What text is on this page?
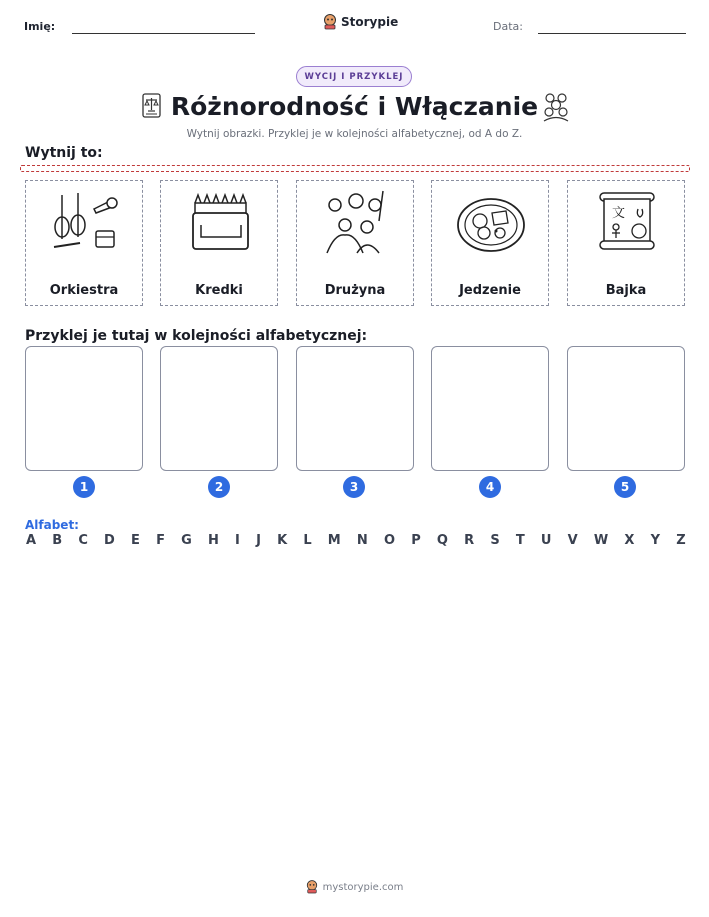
Imię:	Storypie	Data:
WYCIJ I PRZYKLEJ
Różnorodność i Włączanie
Wytnij obrazki. Przyklej je w kolejności alfabetycznej, od A do Z.
Wytnij to:
Orkiestra	Kredki	Drużyna	Jedzenie
文
Bajka
Przyklej je tutaj w kolejności alfabetycznej:
1	2	3	4	5
Alfabet:
A B C D E F G H I J K L M N O P Q R S T U V W X Y Z
mystorypie.com
